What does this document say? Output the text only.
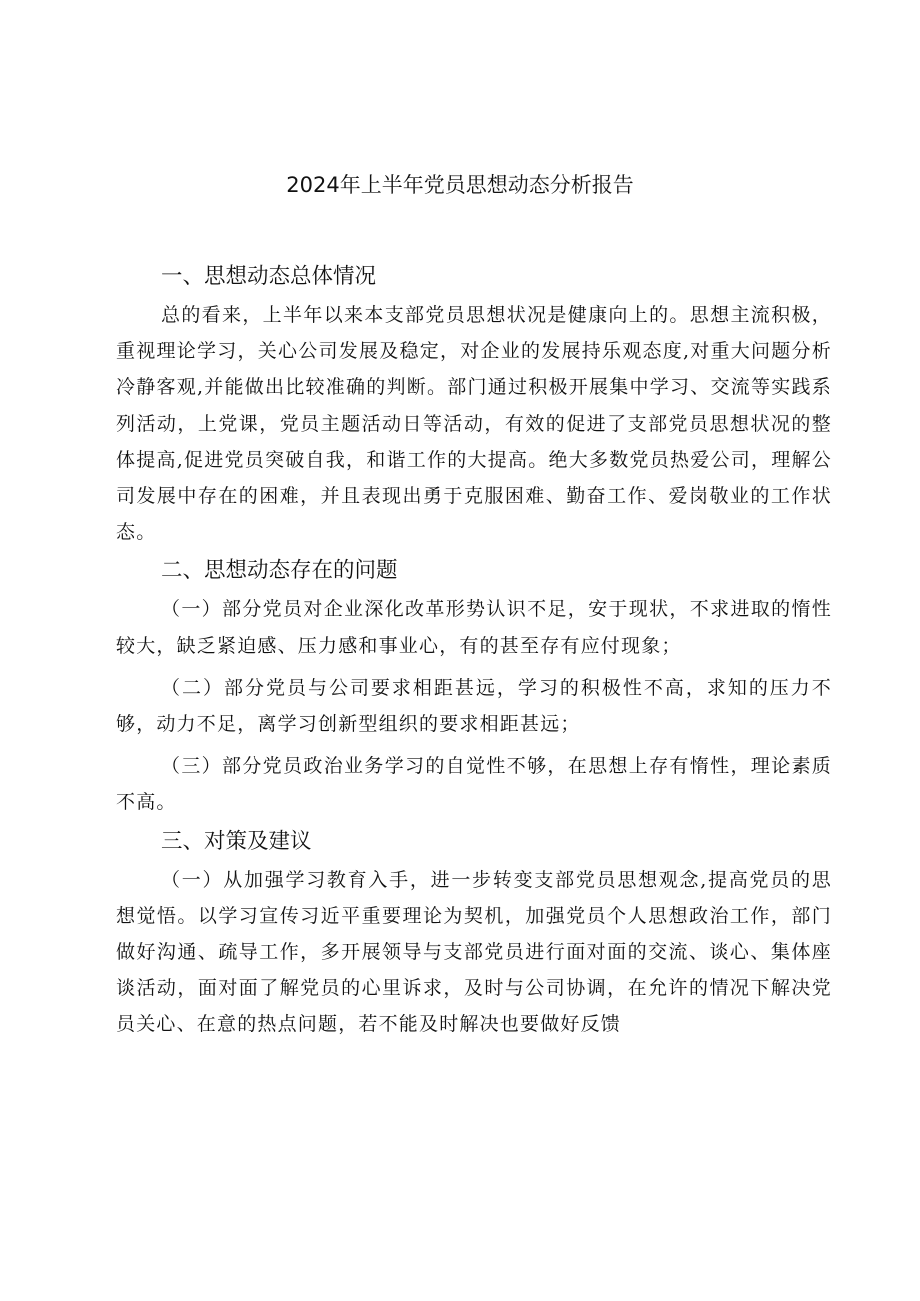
2024年上半年党员思想动态分析报告
一、思想动态总体情况

总的看来，上半年以来本支部党员思想状况是健康向上的。思想主流积极，重视理论学习，关心公司发展及稳定，对企业的发展持乐观态度,对重大问题分析冷静客观,并能做出比较准确的判断。部门通过积极开展集中学习、交流等实践系列活动，上党课，党员主题活动日等活动，有效的促进了支部党员思想状况的整体提高,促进党员突破自我，和谐工作的大提高。绝大多数党员热爱公司，理解公司发展中存在的困难，并且表现出勇于克服困难、勤奋工作、爱岗敬业的工作状态。

二、思想动态存在的问题

（一）部分党员对企业深化改革形势认识不足，安于现状，不求进取的惰性较大，缺乏紧迫感、压力感和事业心，有的甚至存有应付现象；

（二）部分党员与公司要求相距甚远，学习的积极性不高，求知的压力不够，动力不足，离学习创新型组织的要求相距甚远；

（三）部分党员政治业务学习的自觉性不够，在思想上存有惰性，理论素质不高。

三、对策及建议

（一）从加强学习教育入手，进一步转变支部党员思想观念,提高党员的思想觉悟。以学习宣传习近平重要理论为契机，加强党员个人思想政治工作，部门做好沟通、疏导工作，多开展领导与支部党员进行面对面的交流、谈心、集体座谈活动，面对面了解党员的心里诉求，及时与公司协调，在允许的情况下解决党员关心、在意的热点问题，若不能及时解决也要做好反馈
